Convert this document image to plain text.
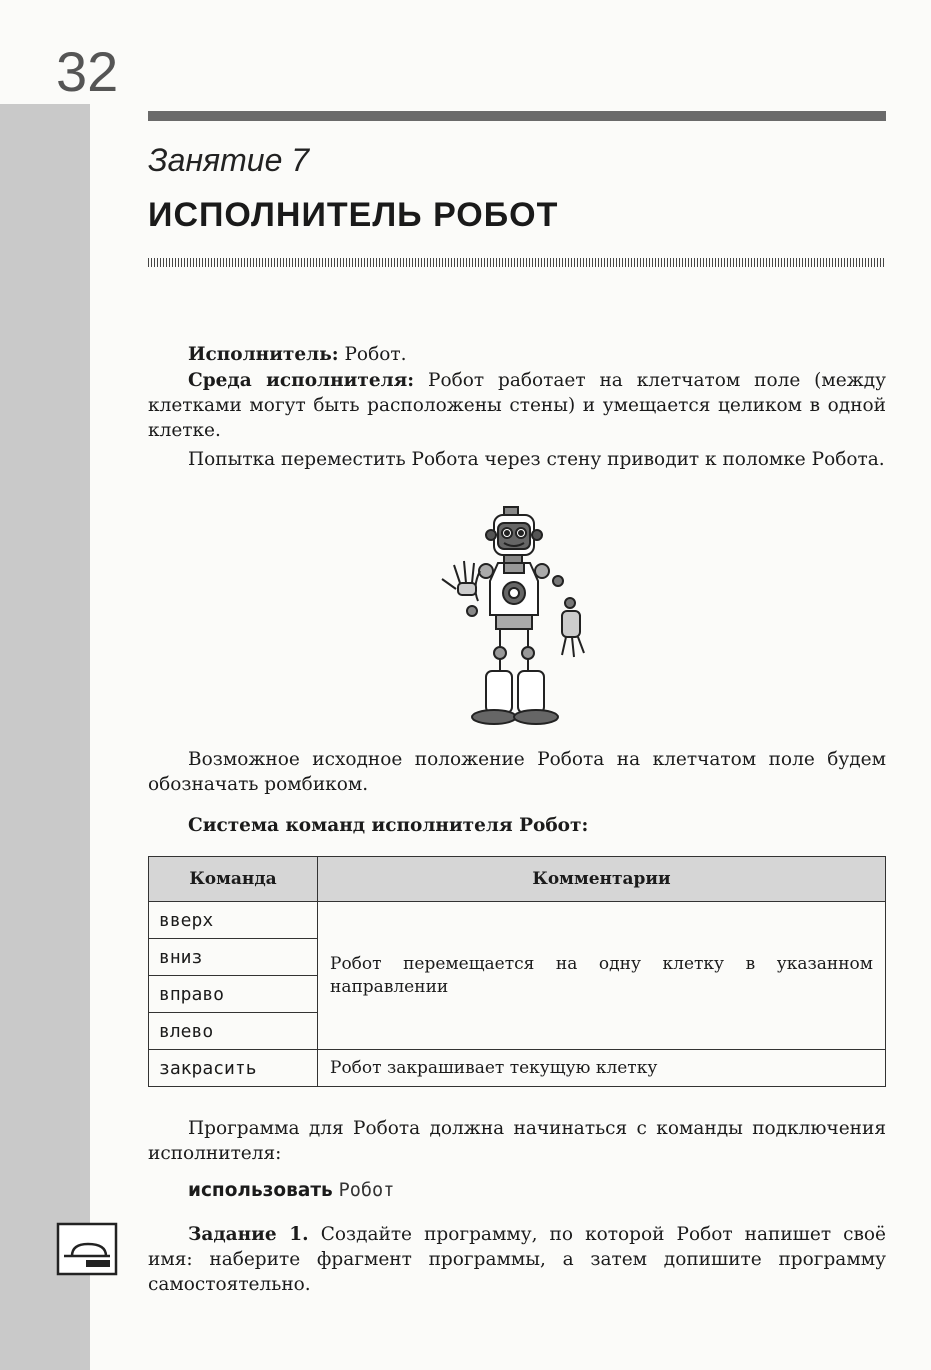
32
Занятие 7
ИСПОЛНИТЕЛЬ РОБОТ
Исполнитель: Робот.
Среда исполнителя: Робот работает на клетчатом поле (между клетками могут быть расположены стены) и умещается целиком в одной клетке.
Попытка переместить Робота через стену приводит к поломке Робота.
Возможное исходное положение Робота на клетчатом поле будем обозначать ромбиком.
Система команд исполнителя Робот:
Команда	Комментарии
вверх	Робот перемещается на одну клетку в указанном направлении
вниз	
вправо	
влево	
закрасить	Робот закрашивает текущую клетку
Программа для Робота должна начинаться с команды подключения исполнителя:
использовать Робот
Задание 1. Создайте программу, по которой Робот напишет своё имя: наберите фрагмент программы, а затем допишите программу самостоятельно.
